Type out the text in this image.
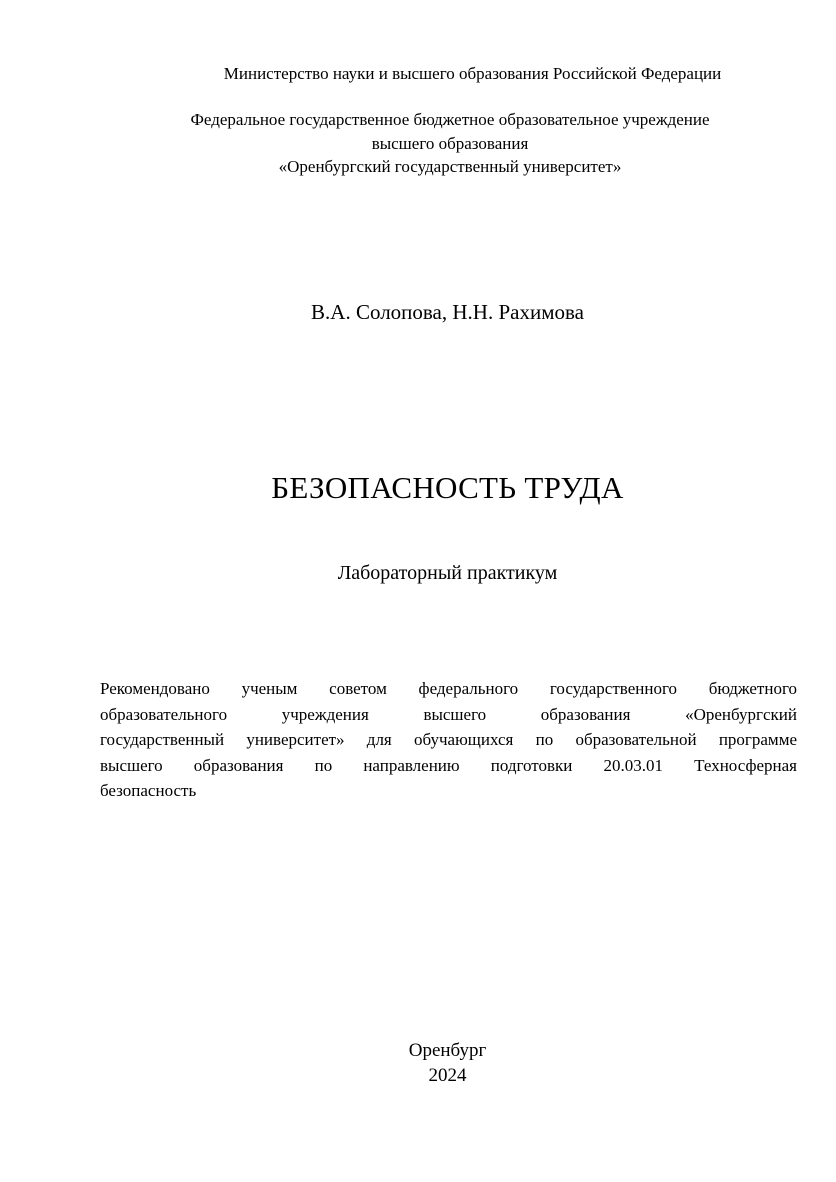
Министерство науки и высшего образования Российской Федерации
Федеральное государственное бюджетное образовательное учреждение
высшего образования
«Оренбургский государственный университет»
В.А. Солопова, Н.Н. Рахимова
БЕЗОПАСНОСТЬ ТРУДА
Лабораторный практикум
Рекомендовано ученым советом федерального государственного бюджетного
образовательного учреждения высшего образования «Оренбургский
государственный университет» для обучающихся по образовательной программе
высшего образования по направлению подготовки 20.03.01 Техносферная
безопасность
Оренбург
2024
